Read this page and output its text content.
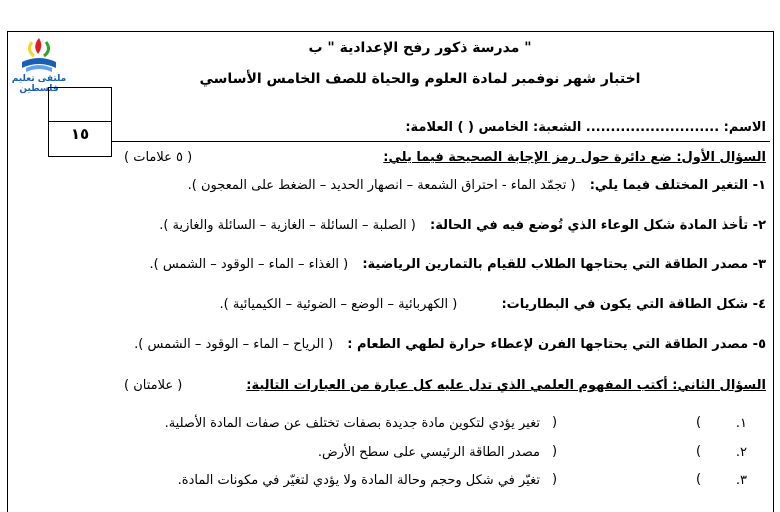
ملتقى تعليم فلسطين
مدرسة ذكور رفح الإعدادية " ب "
اختبار شهر نوفمبر لمادة العلوم والحياة للصف الخامس الأساسي
١٥	الاسم: ........................... الشعبة: الخامس ( ) العلامة:
السؤال الأول: ضع دائرة حول رمز الإجابة الصحيحة فيما يلي:
( ٥ علامات )
١- التغير المختلف فيما يلي: ( تجمّد الماء - احتراق الشمعة – انصهار الحديد – الضغط على المعجون ).
٢- تأخذ المادة شكل الوعاء الذي تُوضع فيه في الحالة: ( الصلبة – السائلة – الغازية – السائلة والغازية ).
٣- مصدر الطاقة التي يحتاجها الطلاب للقيام بالتمارين الرياضية: ( الغذاء – الماء – الوقود – الشمس ).
٤- شكل الطاقة التي يكون في البطاريات: ( الكهربائية – الوضع – الضوئية – الكيميائية ).
٥- مصدر الطاقة التي يحتاجها الفرن لإعطاء حرارة لطهي الطعام : ( الرياح – الماء – الوقود – الشمس ).
السؤال الثاني: أكتب المفهوم العلمي الذي تدل عليه كل عبارة من العبارات التالية:
( علامتان )
.١
(
)
تغير يؤدي لتكوين مادة جديدة بصفات تختلف عن صفات المادة الأصلية.
.٢
(
)
مصدر الطاقة الرئيسي على سطح الأرض.
.٣
(
)
تغيّر في شكل وحجم وحالة المادة ولا يؤدي لتغيّر في مكونات المادة.
